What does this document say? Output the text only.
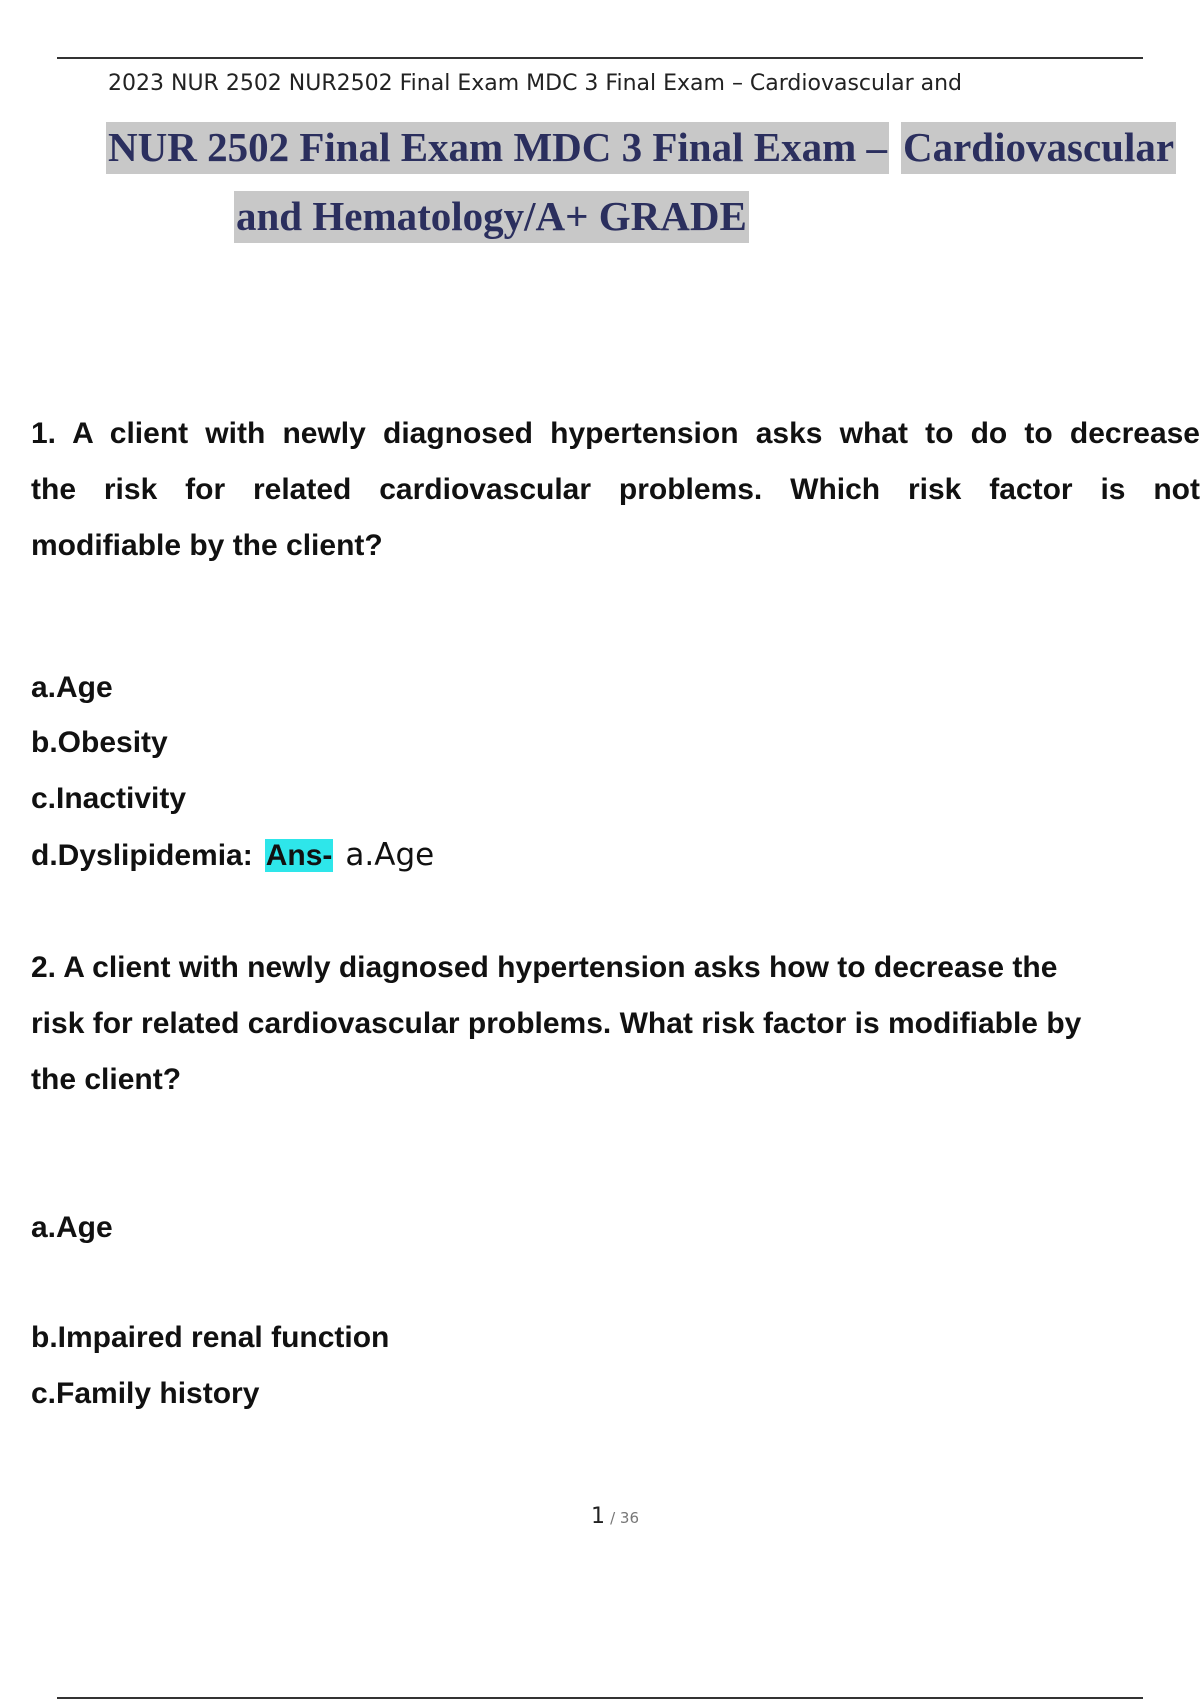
2023 NUR 2502 NUR2502 Final Exam MDC 3 Final Exam – Cardiovascular and
NUR 2502 Final Exam MDC 3 Final Exam – Cardiovascular
and Hematology/A+ GRADE
1. A client with newly diagnosed hypertension asks what to do to decrease
the risk for related cardiovascular problems. Which risk factor is not
modifiable by the client?
a.Age
b.Obesity
c.Inactivity
d.Dyslipidemia: Ans- a.Age
2. A client with newly diagnosed hypertension asks how to decrease the
risk for related cardiovascular problems. What risk factor is modifiable by
the client?
a.Age
b.Impaired renal function
c.Family history
1 / 36
